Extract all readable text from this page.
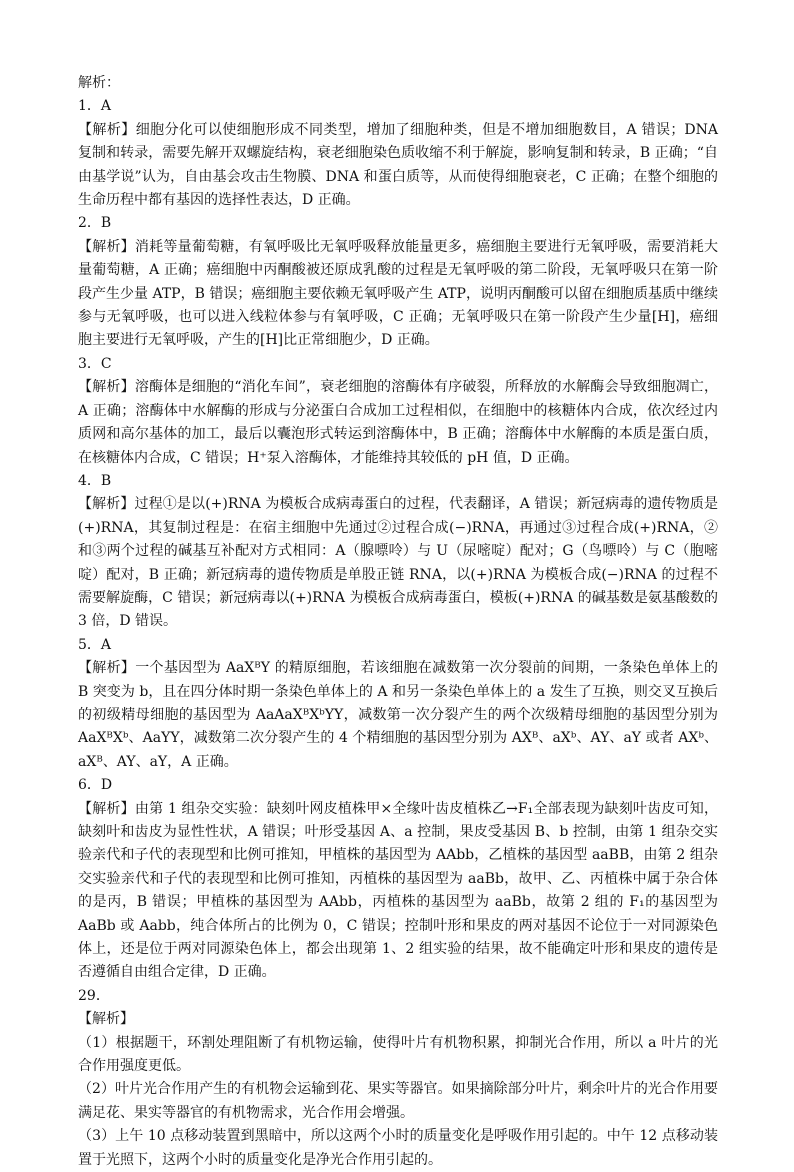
解析：
1．A
【解析】细胞分化可以使细胞形成不同类型，增加了细胞种类，但是不增加细胞数目，A 错误；DNA 复制和转录，需要先解开双螺旋结构，衰老细胞染色质收缩不利于解旋，影响复制和转录，B 正确；“自由基学说”认为，自由基会攻击生物膜、DNA 和蛋白质等，从而使得细胞衰老，C 正确；在整个细胞的生命历程中都有基因的选择性表达，D 正确。
2．B
【解析】消耗等量葡萄糖，有氧呼吸比无氧呼吸释放能量更多，癌细胞主要进行无氧呼吸，需要消耗大量葡萄糖，A 正确；癌细胞中丙酮酸被还原成乳酸的过程是无氧呼吸的第二阶段，无氧呼吸只在第一阶段产生少量 ATP，B 错误；癌细胞主要依赖无氧呼吸产生 ATP，说明丙酮酸可以留在细胞质基质中继续参与无氧呼吸，也可以进入线粒体参与有氧呼吸，C 正确；无氧呼吸只在第一阶段产生少量[H]，癌细胞主要进行无氧呼吸，产生的[H]比正常细胞少，D 正确。
3．C
【解析】溶酶体是细胞的“消化车间”，衰老细胞的溶酶体有序破裂，所释放的水解酶会导致细胞凋亡，A 正确；溶酶体中水解酶的形成与分泌蛋白合成加工过程相似，在细胞中的核糖体内合成，依次经过内质网和高尔基体的加工，最后以囊泡形式转运到溶酶体中，B 正确；溶酶体中水解酶的本质是蛋白质，在核糖体内合成，C 错误；H⁺泵入溶酶体，才能维持其较低的 pH 值，D 正确。
4．B
【解析】过程①是以(+)RNA 为模板合成病毒蛋白的过程，代表翻译，A 错误；新冠病毒的遗传物质是(+)RNA，其复制过程是：在宿主细胞中先通过②过程合成(−)RNA，再通过③过程合成(+)RNA，②和③两个过程的碱基互补配对方式相同：A（腺嘌呤）与 U（尿嘧啶）配对；G（鸟嘌呤）与 C（胞嘧啶）配对，B 正确；新冠病毒的遗传物质是单股正链 RNA，以(+)RNA 为模板合成(−)RNA 的过程不需要解旋酶，C 错误；新冠病毒以(+)RNA 为模板合成病毒蛋白，模板(+)RNA 的碱基数是氨基酸数的 3 倍，D 错误。
5．A
【解析】一个基因型为 AaXᴮY 的精原细胞，若该细胞在减数第一次分裂前的间期，一条染色单体上的 B 突变为 b，且在四分体时期一条染色单体上的 A 和另一条染色单体上的 a 发生了互换，则交叉互换后的初级精母细胞的基因型为 AaAaXᴮXᵇYY，减数第一次分裂产生的两个次级精母细胞的基因型分别为 AaXᴮXᵇ、AaYY，减数第二次分裂产生的 4 个精细胞的基因型分别为 AXᴮ、aXᵇ、AY、aY 或者 AXᵇ、aXᴮ、AY、aY，A 正确。
6．D
【解析】由第 1 组杂交实验：缺刻叶网皮植株甲×全缘叶齿皮植株乙→F₁全部表现为缺刻叶齿皮可知，缺刻叶和齿皮为显性性状，A 错误；叶形受基因 A、a 控制，果皮受基因 B、b 控制，由第 1 组杂交实验亲代和子代的表现型和比例可推知，甲植株的基因型为 AAbb，乙植株的基因型 aaBB，由第 2 组杂交实验亲代和子代的表现型和比例可推知，丙植株的基因型为 aaBb，故甲、乙、丙植株中属于杂合体的是丙，B 错误；甲植株的基因型为 AAbb，丙植株的基因型为 aaBb，故第 2 组的 F₁的基因型为 AaBb 或 Aabb，纯合体所占的比例为 0，C 错误；控制叶形和果皮的两对基因不论位于一对同源染色体上，还是位于两对同源染色体上，都会出现第 1、2 组实验的结果，故不能确定叶形和果皮的遗传是否遵循自由组合定律，D 正确。
29．
【解析】
（1）根据题干，环割处理阻断了有机物运输，使得叶片有机物积累，抑制光合作用，所以 a 叶片的光合作用强度更低。
（2）叶片光合作用产生的有机物会运输到花、果实等器官。如果摘除部分叶片，剩余叶片的光合作用要满足花、果实等器官的有机物需求，光合作用会增强。
（3）上午 10 点移动装置到黑暗中，所以这两个小时的质量变化是呼吸作用引起的。中午 12 点移动装置于光照下，这两个小时的质量变化是净光合作用引起的。
